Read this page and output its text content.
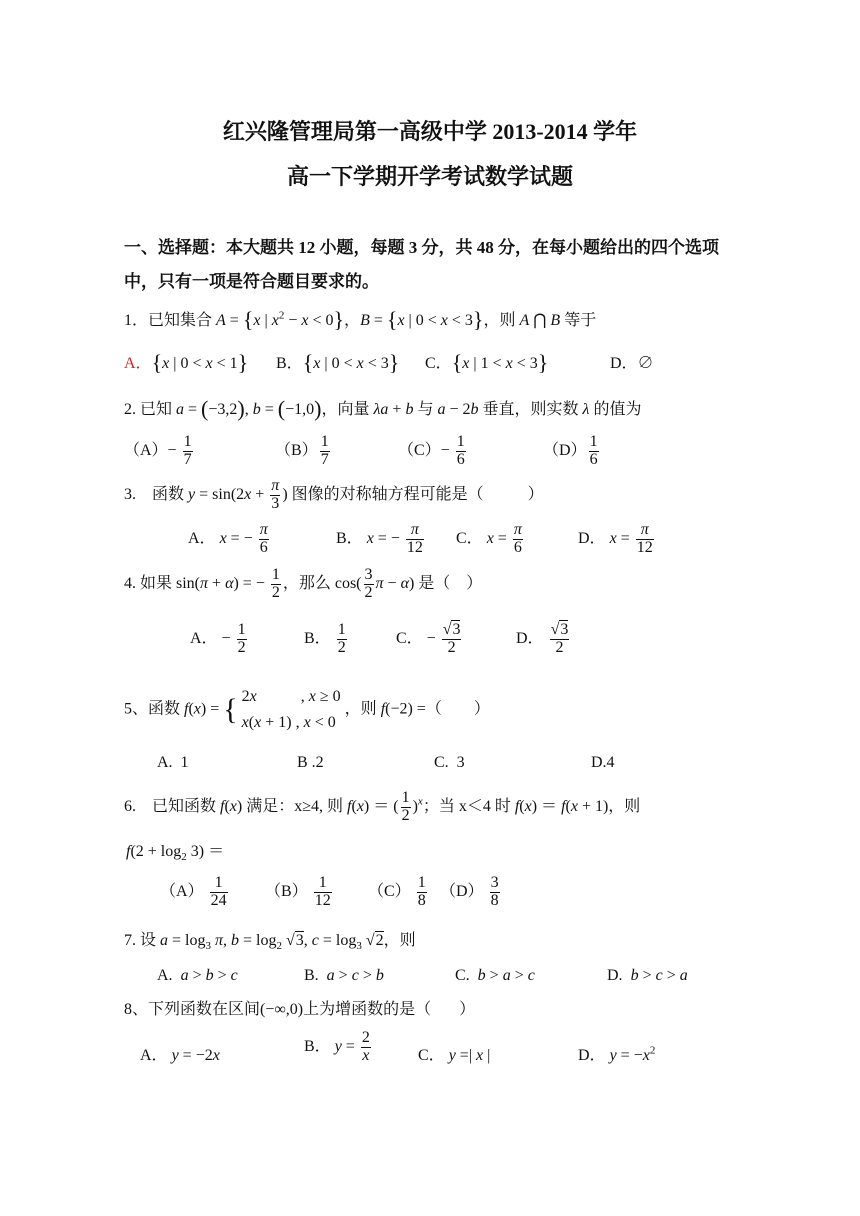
红兴隆管理局第一高级中学 2013-2014 学年
高一下学期开学考试数学试题
一、选择题：本大题共 12 小题，每题 3 分，共 48 分，在每小题给出的四个选项
中，只有一项是符合题目要求的。
1．已知集合 A = {x | $x^2 - x < 0$}，B = {x | 0 < x < 3}，则 A ⋂ B 等于
A．{x | 0 < x < 1} B．{x | 0 < x < 3} C．{x | 1 < x < 3}	D．∅
2. 已知 a = (−3,2), b = (−1,0)，向量 λa + b 与 a − 2b 垂直，则实数 λ 的值为
$(A)- \frac{1}{7}$	$(B) \frac{1}{7}$	$(C)- \frac{1}{6}$	$(D) \frac{1}{6}$
3.    函数 $y = \sin(2x + \frac{\pi}{3}$ ) 图像的对称轴方程可能是（           ）
A． x = − $\frac{\pi}{6}$	B． x = − $\frac{\pi}{12}$ C． $x = \frac{\pi}{6}$	D． $x = \frac{\pi}{12}$
4. 如果 sin(π + α) = − $\frac{1}{2}$ ，那么 $\cos( \frac{3}{2}$ π − α) 是（    ）
A． − $\frac{1}{2}$	B． $\frac{1}{2}$	C． − $\frac{√3}{2}$	D． $\frac{√3}{2}$
5、函数 f(x) = { 2x           , x ≥ 0
x(x + 1) , x < 0
，则 f(−2) =（        ）
A.  1	B .2	C.  3	D.4
6.    已知函数 f(x) 满足：x≥4, 则 f(x) ＝ ( $\frac{1}{2} )^x$；当 x＜4 时 f(x) ＝ f(x + 1)，则
$f(2 + \log_2 3)$ ＝
$(A) \frac{1}{24} (B) \frac{1}{12} (C) \frac{1}{8} (D) \frac{3}{8}$
7. 设 $a = \log_3 \pi$, $b = \log_2 √3$, $c = \log_3 √2$，则
A.  a > b > c	B.  a > c > b	C.  b > a > c	D.  b > c > a
8、下列函数在区间(−∞,0)上为增函数的是（       ）
A． y = −2x
B． $y = \frac{2}{x}$	C． y =| x |	D． $y = -x^2$
